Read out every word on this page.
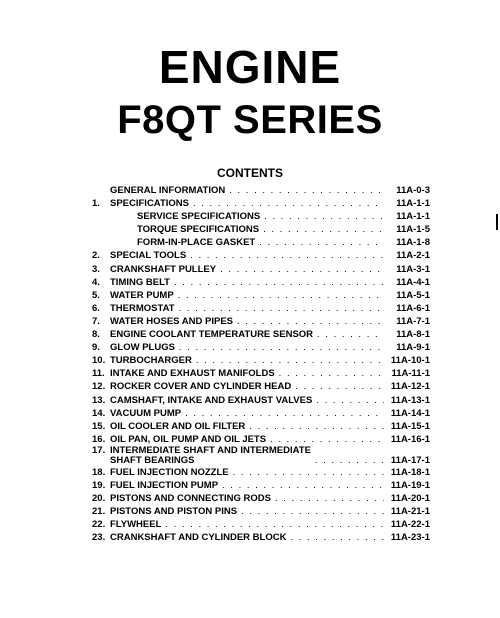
ENGINE
F8QT SERIES
CONTENTS
GENERAL INFORMATION . . .	11A-0-3
1.	SPECIFICATIONS . . .	11A-1-1
SERVICE SPECIFICATIONS . . .	11A-1-1
TORQUE SPECIFICATIONS . . .	11A-1-5
FORM-IN-PLACE GASKET . . .	11A-1-8
2.	SPECIAL TOOLS . . .	11A-2-1
3.	CRANKSHAFT PULLEY . . .	11A-3-1
4.	TIMING BELT . . .	11A-4-1
5.	WATER PUMP . . .	11A-5-1
6.	THERMOSTAT . . .	11A-6-1
7.	WATER HOSES AND PIPES . . .	11A-7-1
8.	ENGINE COOLANT TEMPERATURE SENSOR . . .	11A-8-1
9.	GLOW PLUGS . . .	11A-9-1
10. TURBOCHARGER . . .	11A-10-1
11. INTAKE AND EXHAUST MANIFOLDS . . .	11A-11-1
12. ROCKER COVER AND CYLINDER HEAD . . .	11A-12-1
13. CAMSHAFT, INTAKE AND EXHAUST VALVES . . .	11A-13-1
14. VACUUM PUMP . . .	11A-14-1
15. OIL COOLER AND OIL FILTER . . .	11A-15-1
16. OIL PAN, OIL PUMP AND OIL JETS . . .	11A-16-1
17. INTERMEDIATE SHAFT AND INTERMEDIATE
SHAFT BEARINGS . . .	11A-17-1
18. FUEL INJECTION NOZZLE . . .	11A-18-1
19. FUEL INJECTION PUMP . . .	11A-19-1
20. PISTONS AND CONNECTING RODS . . .	11A-20-1
21. PISTONS AND PISTON PINS . . .	11A-21-1
22. FLYWHEEL . . .	11A-22-1
23. CRANKSHAFT AND CYLINDER BLOCK . . .	11A-23-1
